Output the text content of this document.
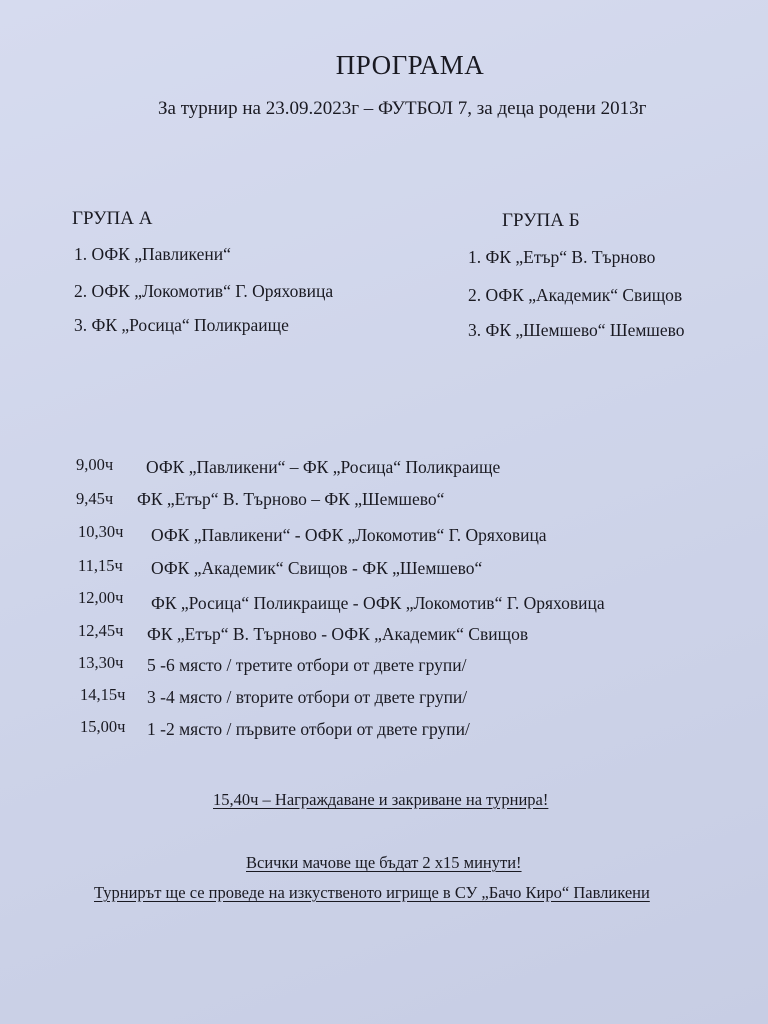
ПРОГРАМА
За турнир на 23.09.2023г – ФУТБОЛ 7, за деца родени 2013г
ГРУПА А
1. ОФК „Павликени“
2. ОФК „Локомотив“ Г. Оряховица
3. ФК „Росица“ Поликраище
ГРУПА Б
1. ФК „Етър“ В. Търново
2. ОФК „Академик“ Свищов
3. ФК „Шемшево“ Шемшево
9,00ч ОФК „Павликени“ – ФК „Росица“ Поликраище
9,45ч ФК „Етър“ В. Търново – ФК „Шемшево“
10,30ч ОФК „Павликени“ - ОФК „Локомотив“ Г. Оряховица
11,15ч ОФК „Академик“ Свищов - ФК „Шемшево“
12,00ч ФК „Росица“ Поликраище - ОФК „Локомотив“ Г. Оряховица
12,45ч ФК „Етър“ В. Търново - ОФК „Академик“ Свищов
13,30ч 5 -6 място / третите отбори от двете групи/
14,15ч 3 -4 място / вторите отбори от двете групи/
15,00ч 1 -2 място / първите отбори от двете групи/
15,40ч – Награждаване и закриване на турнира!
Всички мачове ще бъдат 2 х15 минути!
Турнирът ще се проведе на изкуственото игрище в СУ „Бачо Киро“ Павликени
